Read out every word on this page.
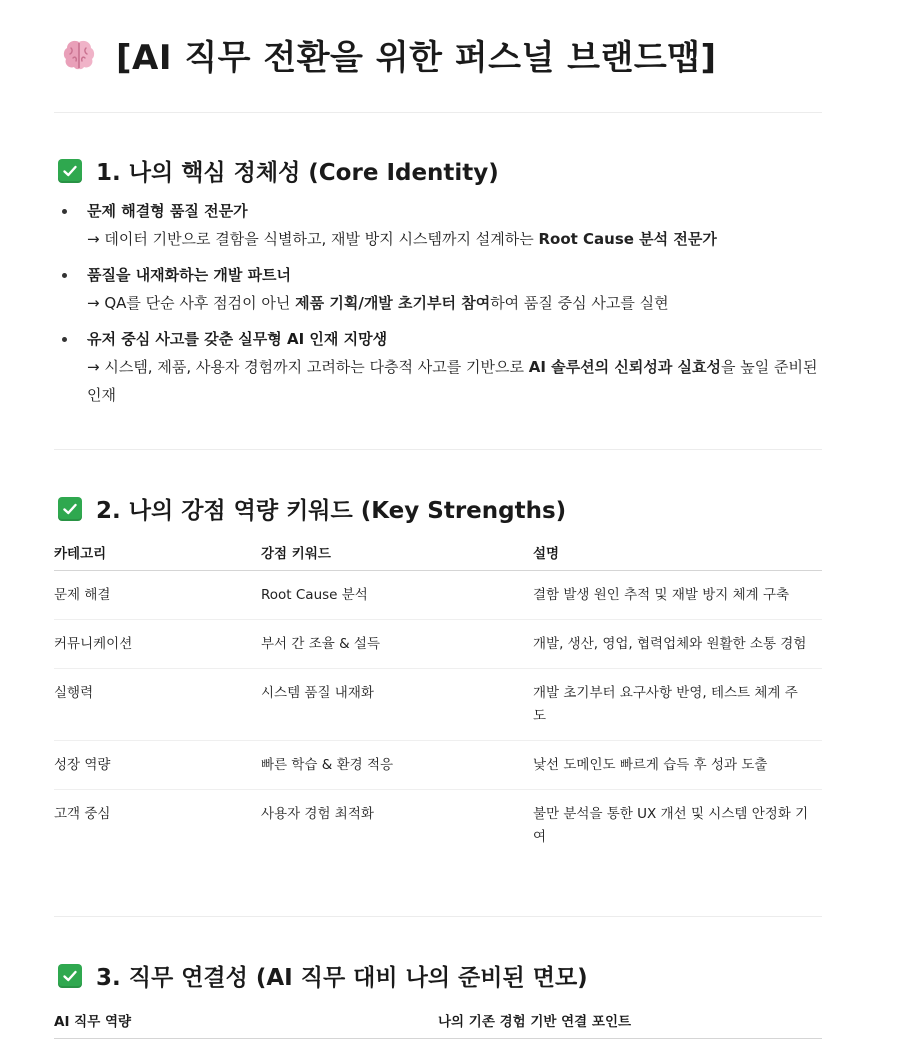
[AI 직무 전환을 위한 퍼스널 브랜드맵]
1. 나의 핵심 정체성 (Core Identity)
문제 해결형 품질 전문가
→ 데이터 기반으로 결함을 식별하고, 재발 방지 시스템까지 설계하는 Root Cause 분석 전문가
품질을 내재화하는 개발 파트너
→ QA를 단순 사후 점검이 아닌 제품 기획/개발 초기부터 참여하여 품질 중심 사고를 실현
유저 중심 사고를 갖춘 실무형 AI 인재 지망생
→ 시스템, 제품, 사용자 경험까지 고려하는 다층적 사고를 기반으로 AI 솔루션의 신뢰성과 실효성을 높일 준비된 인재
2. 나의 강점 역량 키워드 (Key Strengths)
카테고리	강점 키워드	설명
문제 해결	Root Cause 분석	결함 발생 원인 추적 및 재발 방지 체계 구축
커뮤니케이션	부서 간 조율 & 설득	개발, 생산, 영업, 협력업체와 원활한 소통 경험
실행력	시스템 품질 내재화	개발 초기부터 요구사항 반영, 테스트 체계 주도
성장 역량	빠른 학습 & 환경 적응	낯선 도메인도 빠르게 습득 후 성과 도출
고객 중심	사용자 경험 최적화	불만 분석을 통한 UX 개선 및 시스템 안정화 기여
3. 직무 연결성 (AI 직무 대비 나의 준비된 면모)
AI 직무 역량	나의 기존 경험 기반 연결 포인트
